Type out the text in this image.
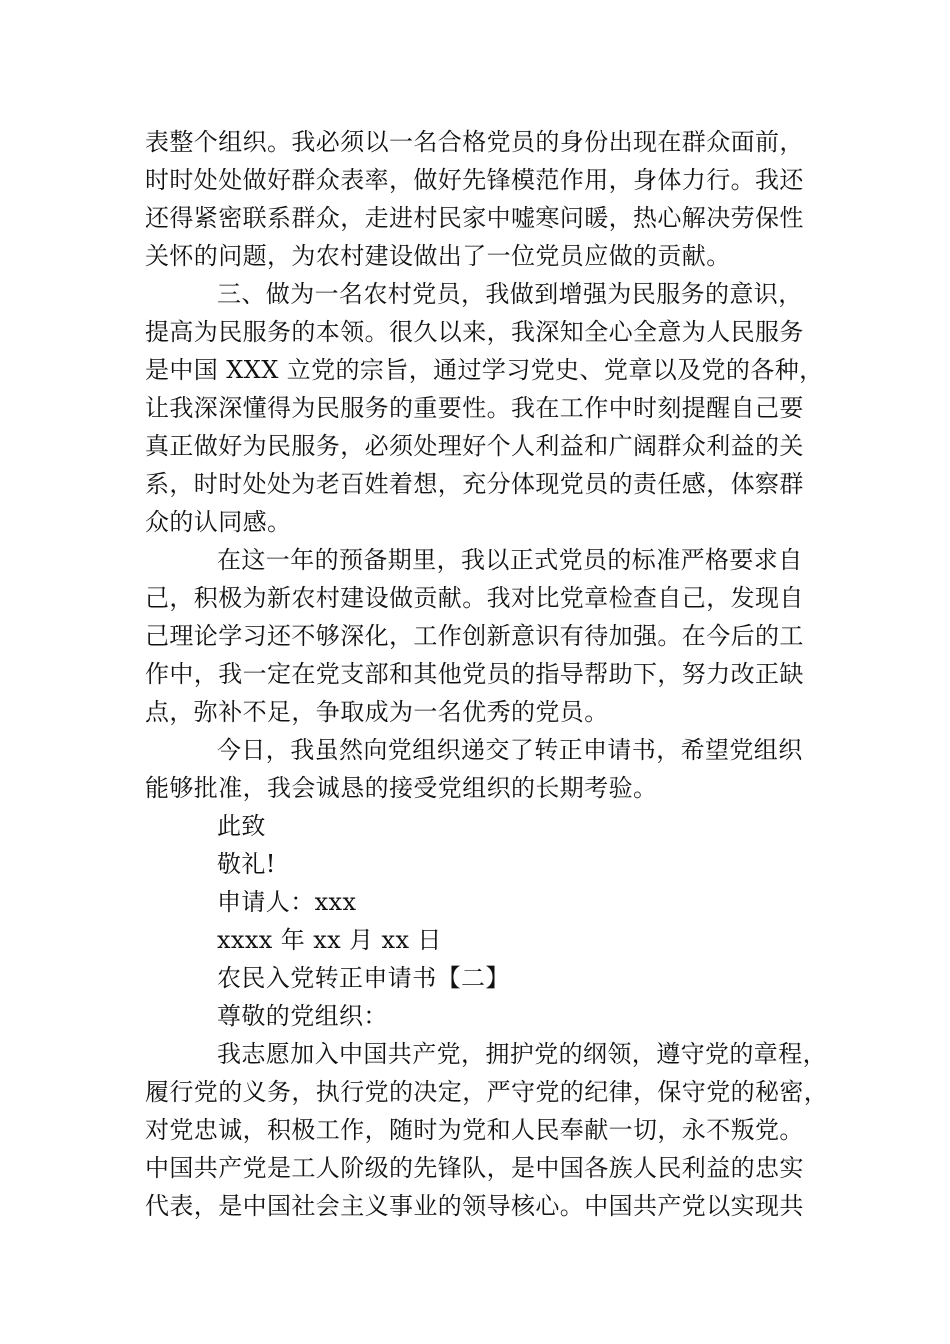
表整个组织。我必须以一名合格党员的身份出现在群众面前，
时时处处做好群众表率，做好先锋模范作用，身体力行。我还
还得紧密联系群众，走进村民家中嘘寒问暖，热心解决劳保性
关怀的问题，为农村建设做出了一位党员应做的贡献。
三、做为一名农村党员，我做到增强为民服务的意识，
提高为民服务的本领。很久以来，我深知全心全意为人民服务
是中国 XXX 立党的宗旨，通过学习党史、党章以及党的各种，
让我深深懂得为民服务的重要性。我在工作中时刻提醒自己要
真正做好为民服务，必须处理好个人利益和广阔群众利益的关
系，时时处处为老百姓着想，充分体现党员的责任感，体察群
众的认同感。
在这一年的预备期里，我以正式党员的标准严格要求自
己，积极为新农村建设做贡献。我对比党章检查自己，发现自
己理论学习还不够深化，工作创新意识有待加强。在今后的工
作中，我一定在党支部和其他党员的指导帮助下，努力改正缺
点，弥补不足，争取成为一名优秀的党员。
今日，我虽然向党组织递交了转正申请书，希望党组织
能够批准，我会诚恳的接受党组织的长期考验。
此致
敬礼!
申请人：xxx
xxxx 年 xx 月 xx 日
农民入党转正申请书【二】
尊敬的党组织：
我志愿加入中国共产党，拥护党的纲领，遵守党的章程，
履行党的义务，执行党的决定，严守党的纪律，保守党的秘密，
对党忠诚，积极工作，随时为党和人民奉献一切，永不叛党。
中国共产党是工人阶级的先锋队，是中国各族人民利益的忠实
代表，是中国社会主义事业的领导核心。中国共产党以实现共
